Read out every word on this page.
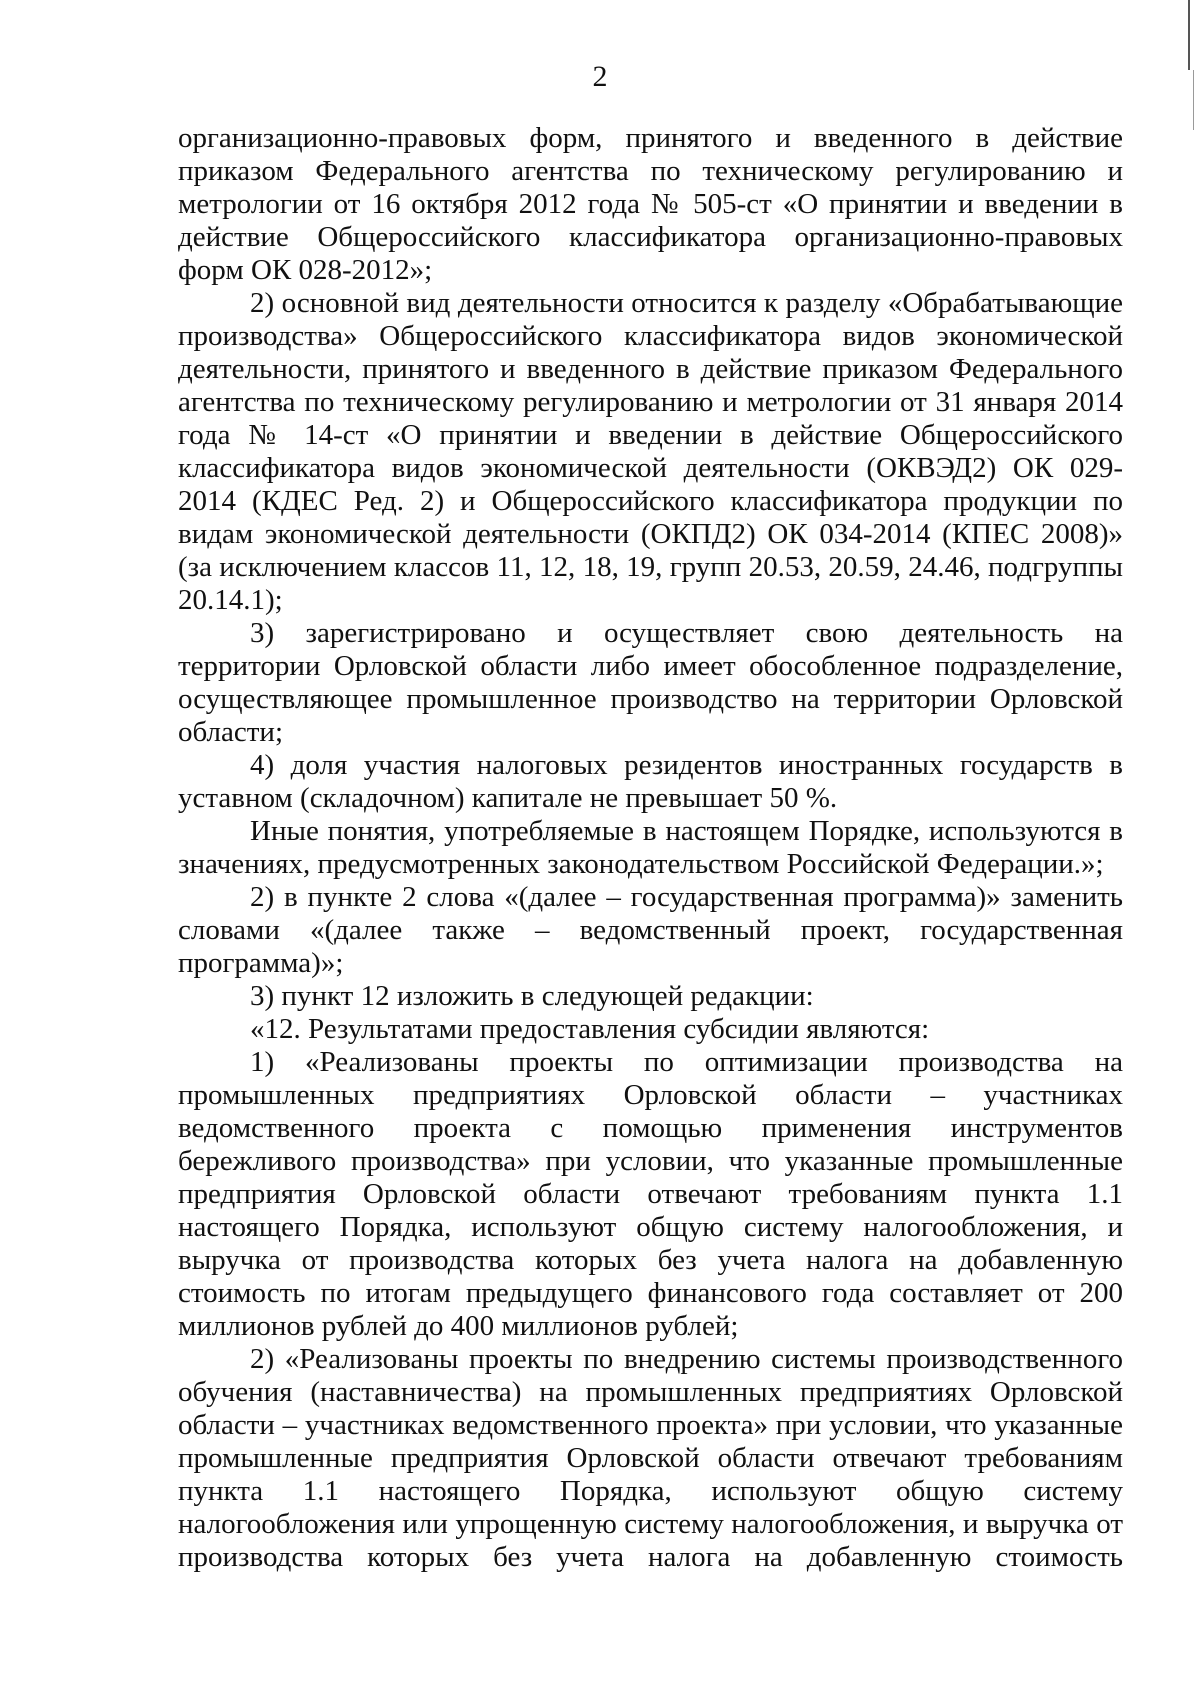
2

организационно-правовых форм, принятого и введенного в действие приказом Федерального агентства по техническому регулированию и метрологии от 16 октября 2012 года № 505-ст «О принятии и введении в действие Общероссийского классификатора организационно-правовых форм ОК 028-2012»;

2) основной вид деятельности относится к разделу «Обрабатывающие производства» Общероссийского классификатора видов экономической деятельности, принятого и введенного в действие приказом Федерального агентства по техническому регулированию и метрологии от 31 января 2014 года № 14-ст «О принятии и введении в действие Общероссийского классификатора видов экономической деятельности (ОКВЭД2) ОК 029-2014 (КДЕС Ред. 2) и Общероссийского классификатора продукции по видам экономической деятельности (ОКПД2) ОК 034-2014 (КПЕС 2008)» (за исключением классов 11, 12, 18, 19, групп 20.53, 20.59, 24.46, подгруппы 20.14.1);

3) зарегистрировано и осуществляет свою деятельность на территории Орловской области либо имеет обособленное подразделение, осуществляющее промышленное производство на территории Орловской области;

4) доля участия налоговых резидентов иностранных государств в уставном (складочном) капитале не превышает 50 %.

Иные понятия, употребляемые в настоящем Порядке, используются в значениях, предусмотренных законодательством Российской Федерации.»;

2) в пункте 2 слова «(далее – государственная программа)» заменить словами «(далее также – ведомственный проект, государственная программа)»;

3) пункт 12 изложить в следующей редакции:

«12. Результатами предоставления субсидии являются:

1) «Реализованы проекты по оптимизации производства на промышленных предприятиях Орловской области – участниках ведомственного проекта с помощью применения инструментов бережливого производства» при условии, что указанные промышленные предприятия Орловской области отвечают требованиям пункта 1.1 настоящего Порядка, используют общую систему налогообложения, и выручка от производства которых без учета налога на добавленную стоимость по итогам предыдущего финансового года составляет от 200 миллионов рублей до 400 миллионов рублей;

2) «Реализованы проекты по внедрению системы производственного обучения (наставничества) на промышленных предприятиях Орловской области – участниках ведомственного проекта» при условии, что указанные промышленные предприятия Орловской области отвечают требованиям пункта 1.1 настоящего Порядка, используют общую систему налогообложения или упрощенную систему налогообложения, и выручка от производства которых без учета налога на добавленную стоимость
